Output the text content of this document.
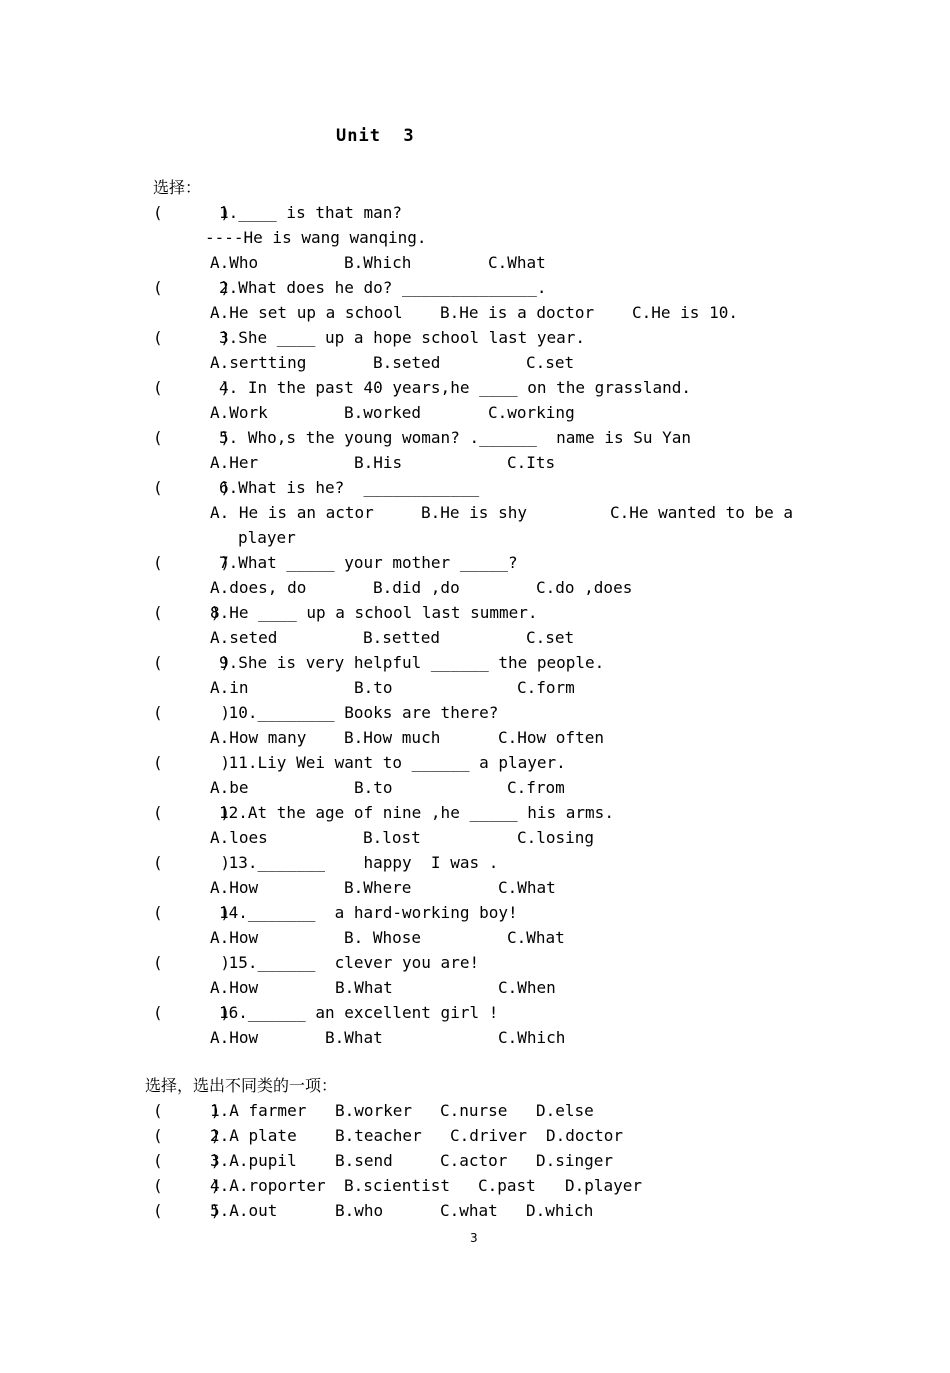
Unit  3
选择：

(      )

1.____ is that man?

----He is wang wanqing.

A.Who

	B.Which

	C.What

(      )

2.What does he do? ______________.

A.He set up a school

B.He is a doctor

C.He is 10.

(      )

3.She ____ up a hope school last year.

A.sertting

	B.seted

	C.set

(      )

4. In the past 40 years,he ____ on the grassland.

A.Work

	B.worked

	C.working

(      )

5. Who,s the young woman? .______  name is Su Yan

A.Her

	B.His

	C.Its

(      )

6.What is he?  ____________

A. He is an actor

	B.He is shy

	C.He wanted to be a

player

(      )

7.What _____ your mother _____?

A.does, do

	B.did ,do

	C.do ,does

(     )

8.He ____ up a school last summer.

A.seted

	B.setted

	C.set

(      )

9.She is very helpful ______ the people.

A.in

	B.to

	C.form

(      )

10.________ Books are there?

A.How many

B.How much

	C.How often

(      )

11.Liy Wei want to ______ a player.

A.be

	B.to

	C.from

(      )

12.At the age of nine ,he _____ his arms.

A.loes

	B.lost

	C.losing

(      )

13._______    happy  I was .

A.How

	B.Where

	C.What

(      )

14._______  a hard-working boy!

A.How

	B. Whose

	C.What

(      )

15.______  clever you are!

A.How

	B.What

	C.When

(      )

16.______ an excellent girl !

A.How

	B.What

	C.Which

选择，选出不同类的一项：

(     )

1.A farmer

B.worker

C.nurse

D.else

(     )

2.A plate

B.teacher

C.driver

D.doctor

(     )

3.A.pupil

B.send

	C.actor

D.singer

(     )

4.A.roporter

B.scientist

C.past

D.player

(     )

5.A.out

	B.who

	C.what

D.which

3
